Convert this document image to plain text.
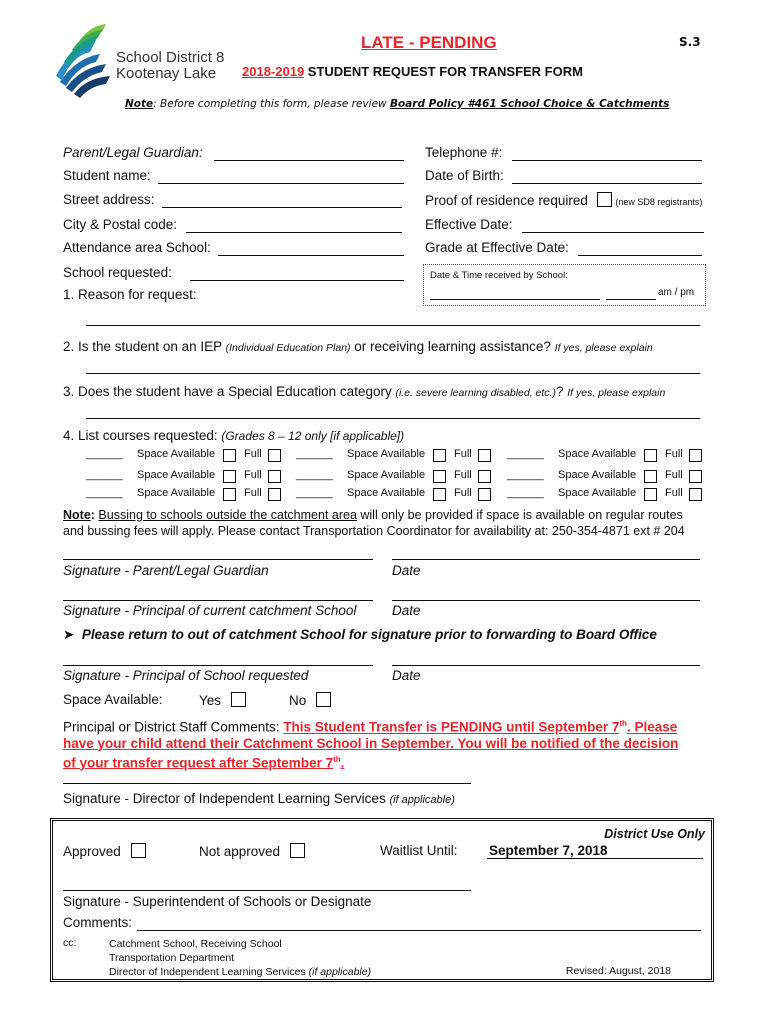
School District 8
Kootenay Lake
LATE - PENDING	S.3
2018-2019 STUDENT REQUEST FOR TRANSFER FORM
Note: Before completing this form, please review Board Policy #461 School Choice & Catchments
Parent/Legal Guardian:
Student name:
Street address:
City & Postal code:
Attendance area School:
School requested:
Telephone #:
Date of Birth:
Proof of residence required	(new SD8 registrants)
Effective Date:
Grade at Effective Date:
Date & Time received by School:
am / pm
1. Reason for request:
2. Is the student on an IEP (Individual Education Plan) or receiving learning assistance? If yes, please explain
3. Does the student have a Special Education category (i.e. severe learning disabled, etc.)? If yes, please explain
4. List courses requested: (Grades 8 – 12 only [if applicable])
______ Space Available	Full	______ Space Available	Full	______ Space Available	Full
______ Space Available	Full	______ Space Available	Full	______ Space Available	Full
______ Space Available	Full	______ Space Available	Full	______ Space Available	Full
Note: Bussing to schools outside the catchment area will only be provided if space is available on regular routes
and bussing fees will apply. Please contact Transportation Coordinator for availability at: 250-354-4871 ext # 204
Signature - Parent/Legal Guardian	Date
Signature - Principal of current catchment School	Date
➤ Please return to out of catchment School for signature prior to forwarding to Board Office
Signature - Principal of School requested	Date
Space Available:	Yes	No
Principal or District Staff Comments: This Student Transfer is PENDING until September 7th. Please
have your child attend their Catchment School in September. You will be notified of the decision
of your transfer request after September 7th.
Signature - Director of Independent Learning Services (if applicable)
District Use Only
Approved	Not approved	Waitlist Until: September 7, 2018
Signature - Superintendent of Schools or Designate
Comments:
cc:	Catchment School, Receiving School
Transportation Department
Director of Independent Learning Services (if applicable)	Revised: August, 2018
